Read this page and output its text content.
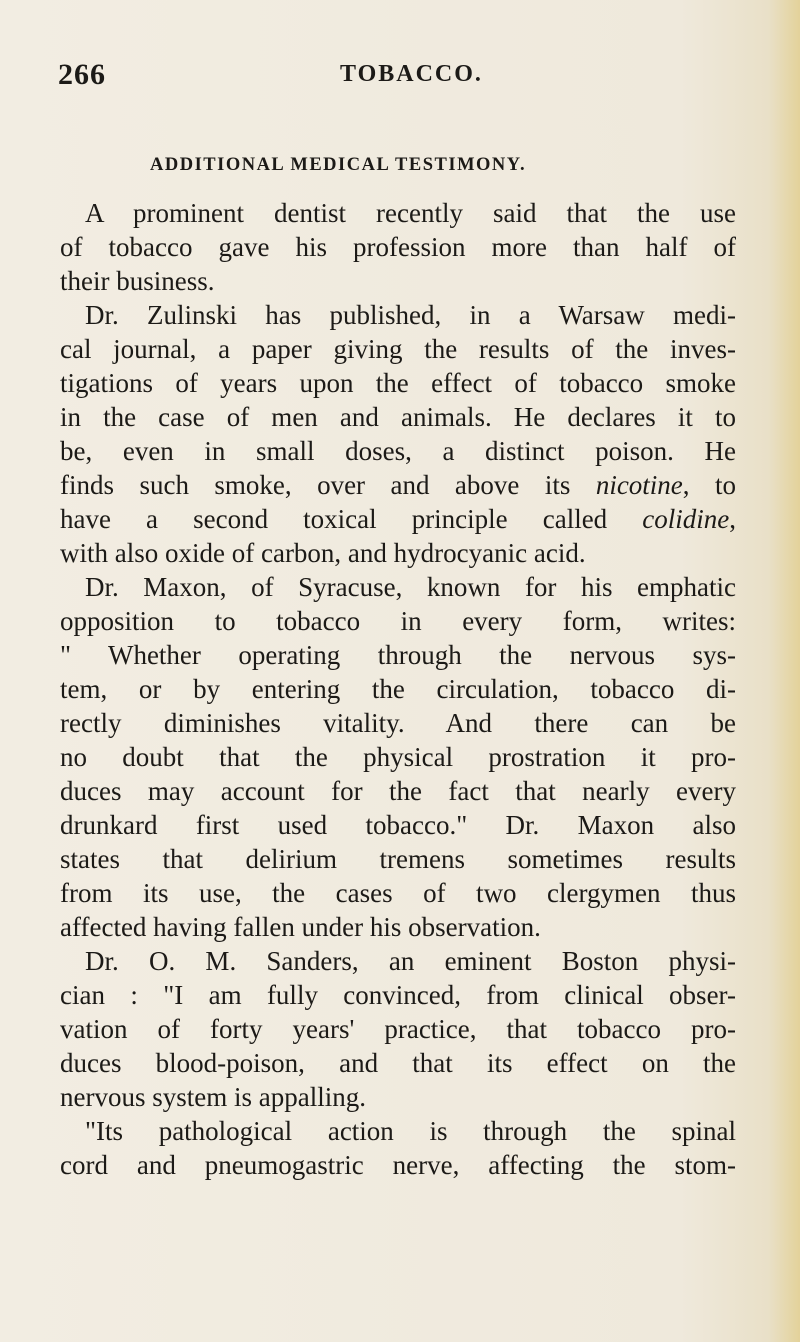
266	TOBACCO.
ADDITIONAL MEDICAL TESTIMONY.
A prominent dentist recently said that the use
of tobacco gave his profession more than half of
their business.
Dr. Zulinski has published, in a Warsaw medi-
cal journal, a paper giving the results of the inves-
tigations of years upon the effect of tobacco smoke
in the case of men and animals. He declares it to
be, even in small doses, a distinct poison. He
finds such smoke, over and above its nicotine, to
have a second toxical principle called colidine,
with also oxide of carbon, and hydrocyanic acid.
Dr. Maxon, of Syracuse, known for his emphatic
opposition to tobacco in every form, writes:
" Whether operating through the nervous sys-
tem, or by entering the circulation, tobacco di-
rectly diminishes vitality. And there can be
no doubt that the physical prostration it pro-
duces may account for the fact that nearly every
drunkard first used tobacco." Dr. Maxon also
states that delirium tremens sometimes results
from its use, the cases of two clergymen thus
affected having fallen under his observation.
Dr. O. M. Sanders, an eminent Boston physi-
cian : "I am fully convinced, from clinical obser-
vation of forty years' practice, that tobacco pro-
duces blood-poison, and that its effect on the
nervous system is appalling.
"Its pathological action is through the spinal
cord and pneumogastric nerve, affecting the stom-
